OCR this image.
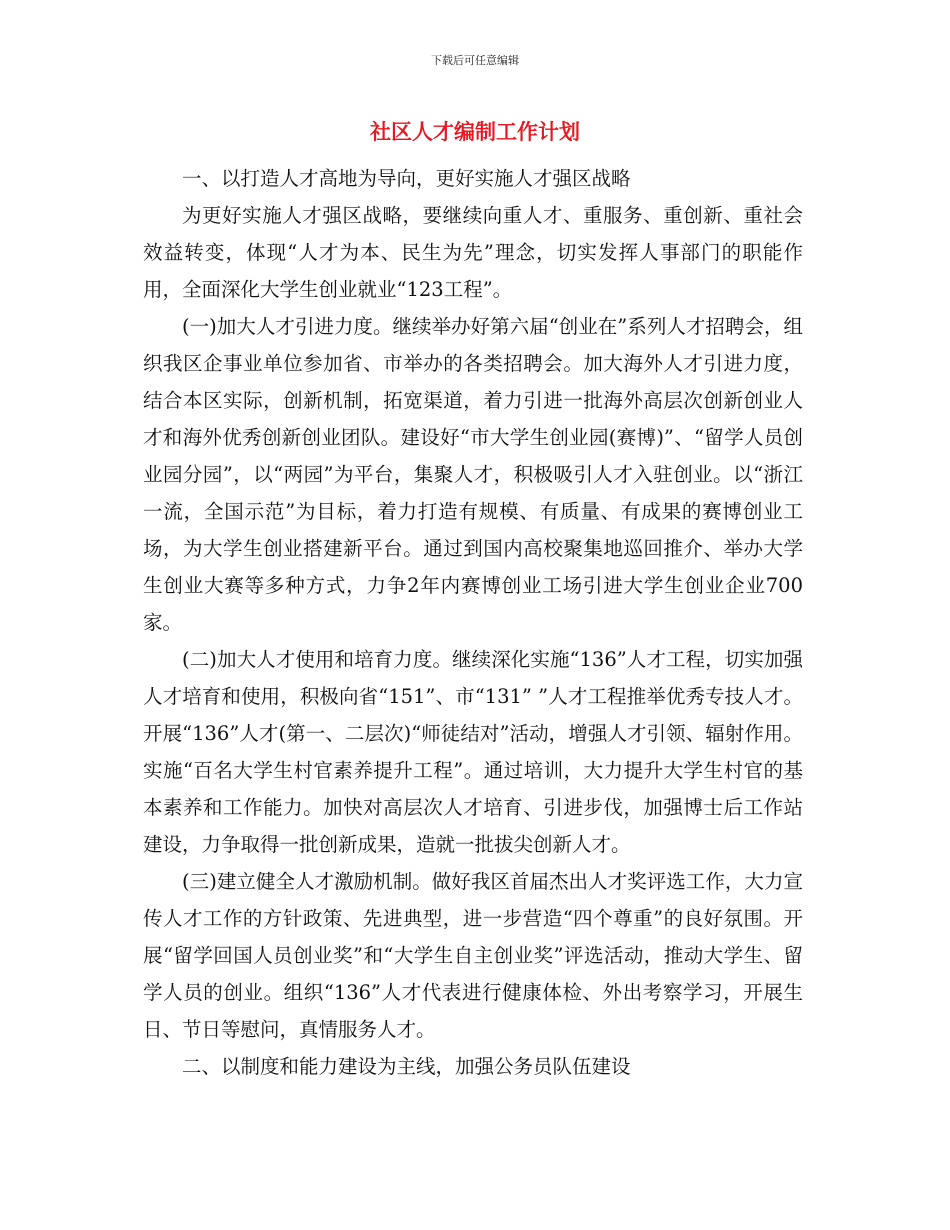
下载后可任意编辑
社区人才编制工作计划

一、以打造人才高地为导向，更好实施人才强区战略

为更好实施人才强区战略，要继续向重人才、重服务、重创新、重社会效益转变，体现“人才为本、民生为先”理念，切实发挥人事部门的职能作用，全面深化大学生创业就业“123工程”。

(一)加大人才引进力度。继续举办好第六届“创业在”系列人才招聘会，组织我区企事业单位参加省、市举办的各类招聘会。加大海外人才引进力度，结合本区实际，创新机制，拓宽渠道，着力引进一批海外高层次创新创业人才和海外优秀创新创业团队。建设好“市大学生创业园(赛博)”、“留学人员创业园分园”，以“两园”为平台，集聚人才，积极吸引人才入驻创业。以“浙江一流，全国示范”为目标，着力打造有规模、有质量、有成果的赛博创业工场，为大学生创业搭建新平台。通过到国内高校聚集地巡回推介、举办大学生创业大赛等多种方式，力争2年内赛博创业工场引进大学生创业企业700家。

(二)加大人才使用和培育力度。继续深化实施“136”人才工程，切实加强人才培育和使用，积极向省“151”、市“131” ”人才工程推举优秀专技人才。开展“136”人才(第一、二层次)“师徒结对”活动，增强人才引领、辐射作用。实施“百名大学生村官素养提升工程”。通过培训，大力提升大学生村官的基本素养和工作能力。加快对高层次人才培育、引进步伐，加强博士后工作站建设，力争取得一批创新成果，造就一批拔尖创新人才。

(三)建立健全人才激励机制。做好我区首届杰出人才奖评选工作，大力宣传人才工作的方针政策、先进典型，进一步营造“四个尊重”的良好氛围。开展“留学回国人员创业奖”和“大学生自主创业奖”评选活动，推动大学生、留学人员的创业。组织“136”人才代表进行健康体检、外出考察学习，开展生日、节日等慰问，真情服务人才。

二、以制度和能力建设为主线，加强公务员队伍建设
